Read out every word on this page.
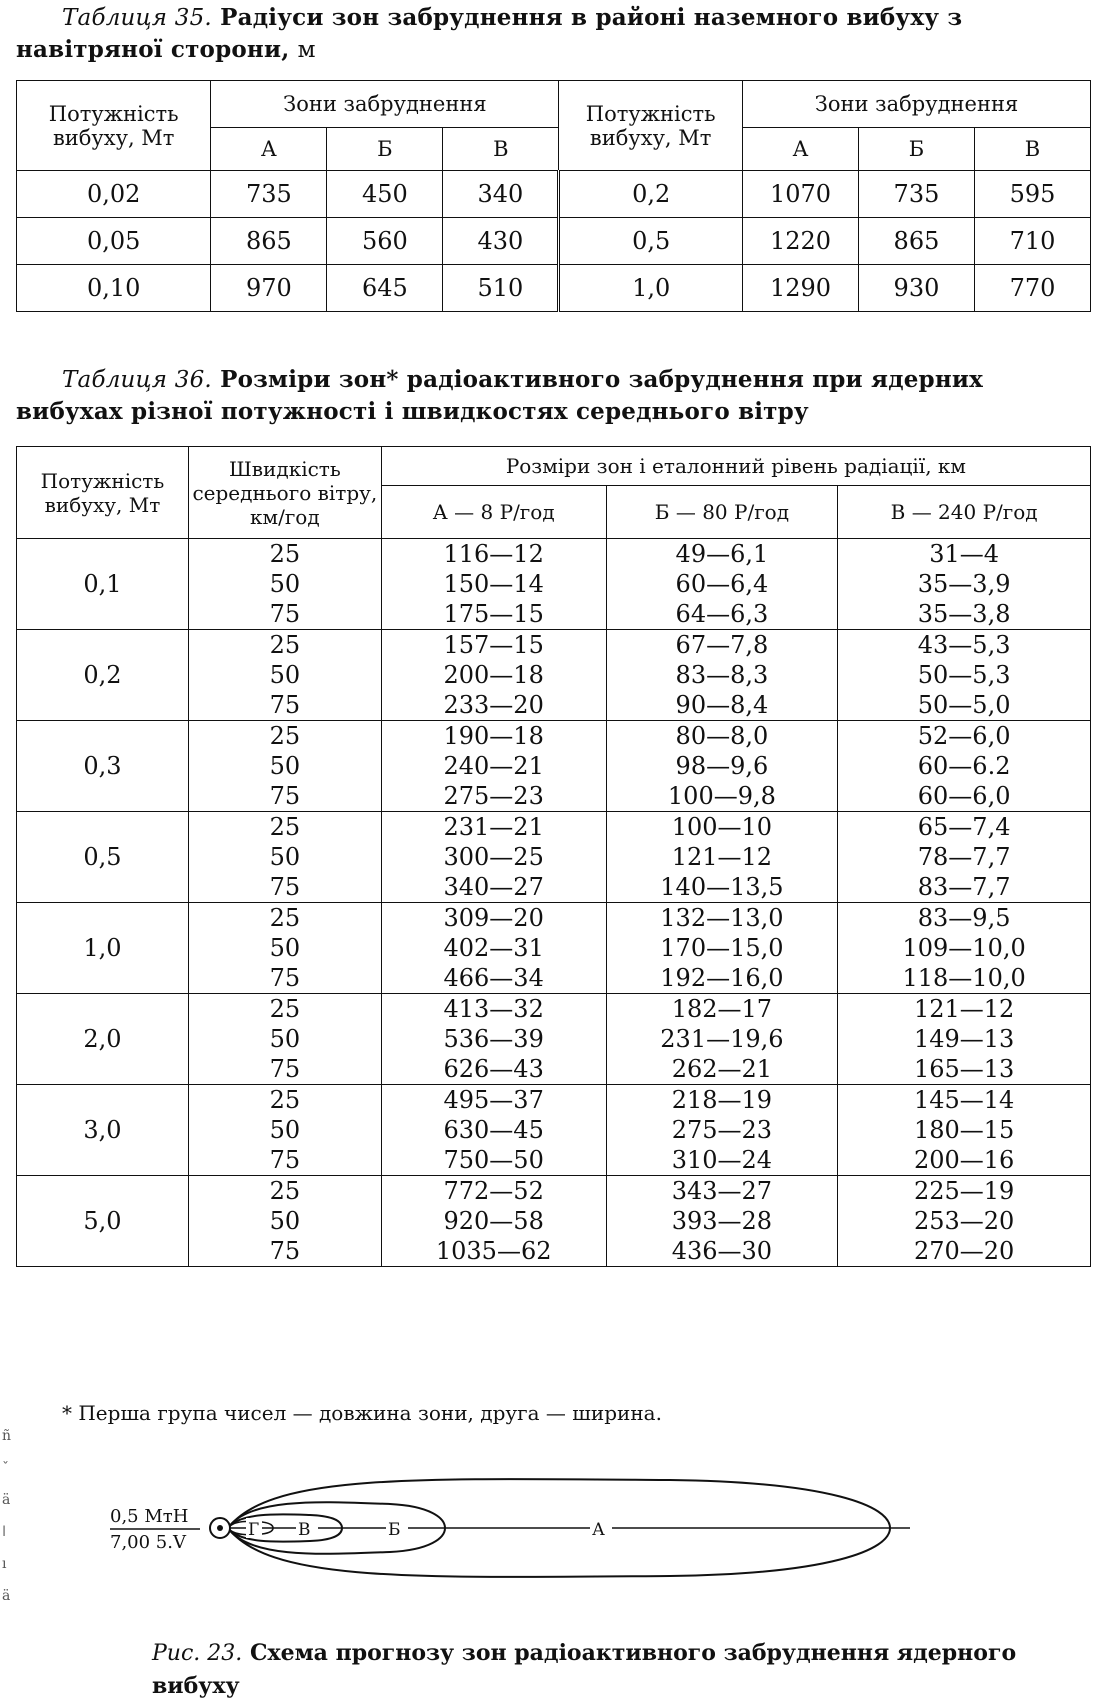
Таблиця 35. Радіуси зон забруднення в районі наземного вибуху з навітряної сторони, м
Потужність вибуху, Мт	Зони забруднення			Потужність вибуху, Мт	Зони забруднення		
	А	Б	В		А	Б	В
0,02	735	450	340	0,2	1070	735	595
0,05	865	560	430	0,5	1220	865	710
0,10	970	645	510	1,0	1290	930	770
Таблиця 36. Розміри зон* радіоактивного забруднення при ядерних вибухах різної потужності і швидкостях середнього вітру
Потужність вибуху, Мт	Швидкість середнього вітру, км/год	Розміри зон і еталонний рівень радіації, км		
		А — 8 Р/год	Б — 80 Р/год	В — 240 Р/год
0,1	25	116—12	49—6,1	31—4
	50	150—14	60—6,4	35—3,9
	75	175—15	64—6,3	35—3,8
0,2	25	157—15	67—7,8	43—5,3
	50	200—18	83—8,3	50—5,3
	75	233—20	90—8,4	50—5,0
0,3	25	190—18	80—8,0	52—6,0
	50	240—21	98—9,6	60—6.2
	75	275—23	100—9,8	60—6,0
0,5	25	231—21	100—10	65—7,4
	50	300—25	121—12	78—7,7
	75	340—27	140—13,5	83—7,7
1,0	25	309—20	132—13,0	83—9,5
	50	402—31	170—15,0	109—10,0
	75	466—34	192—16,0	118—10,0
2,0	25	413—32	182—17	121—12
	50	536—39	231—19,6	149—13
	75	626—43	262—21	165—13
3,0	25	495—37	218—19	145—14
	50	630—45	275—23	180—15
	75	750—50	310—24	200—16
5,0	25	772—52	343—27	225—19
	50	920—58	393—28	253—20
	75	1035—62	436—30	270—20
* Перша група чисел — довжина зони, друга — ширина.
ñ
ˇ
ä
ǀ
ı
ä
0,5 МтН
7,00 5.V
Г В	Б	А
Рис. 23. Схема прогнозу зон радіоактивного забруднення ядерного вибуху
